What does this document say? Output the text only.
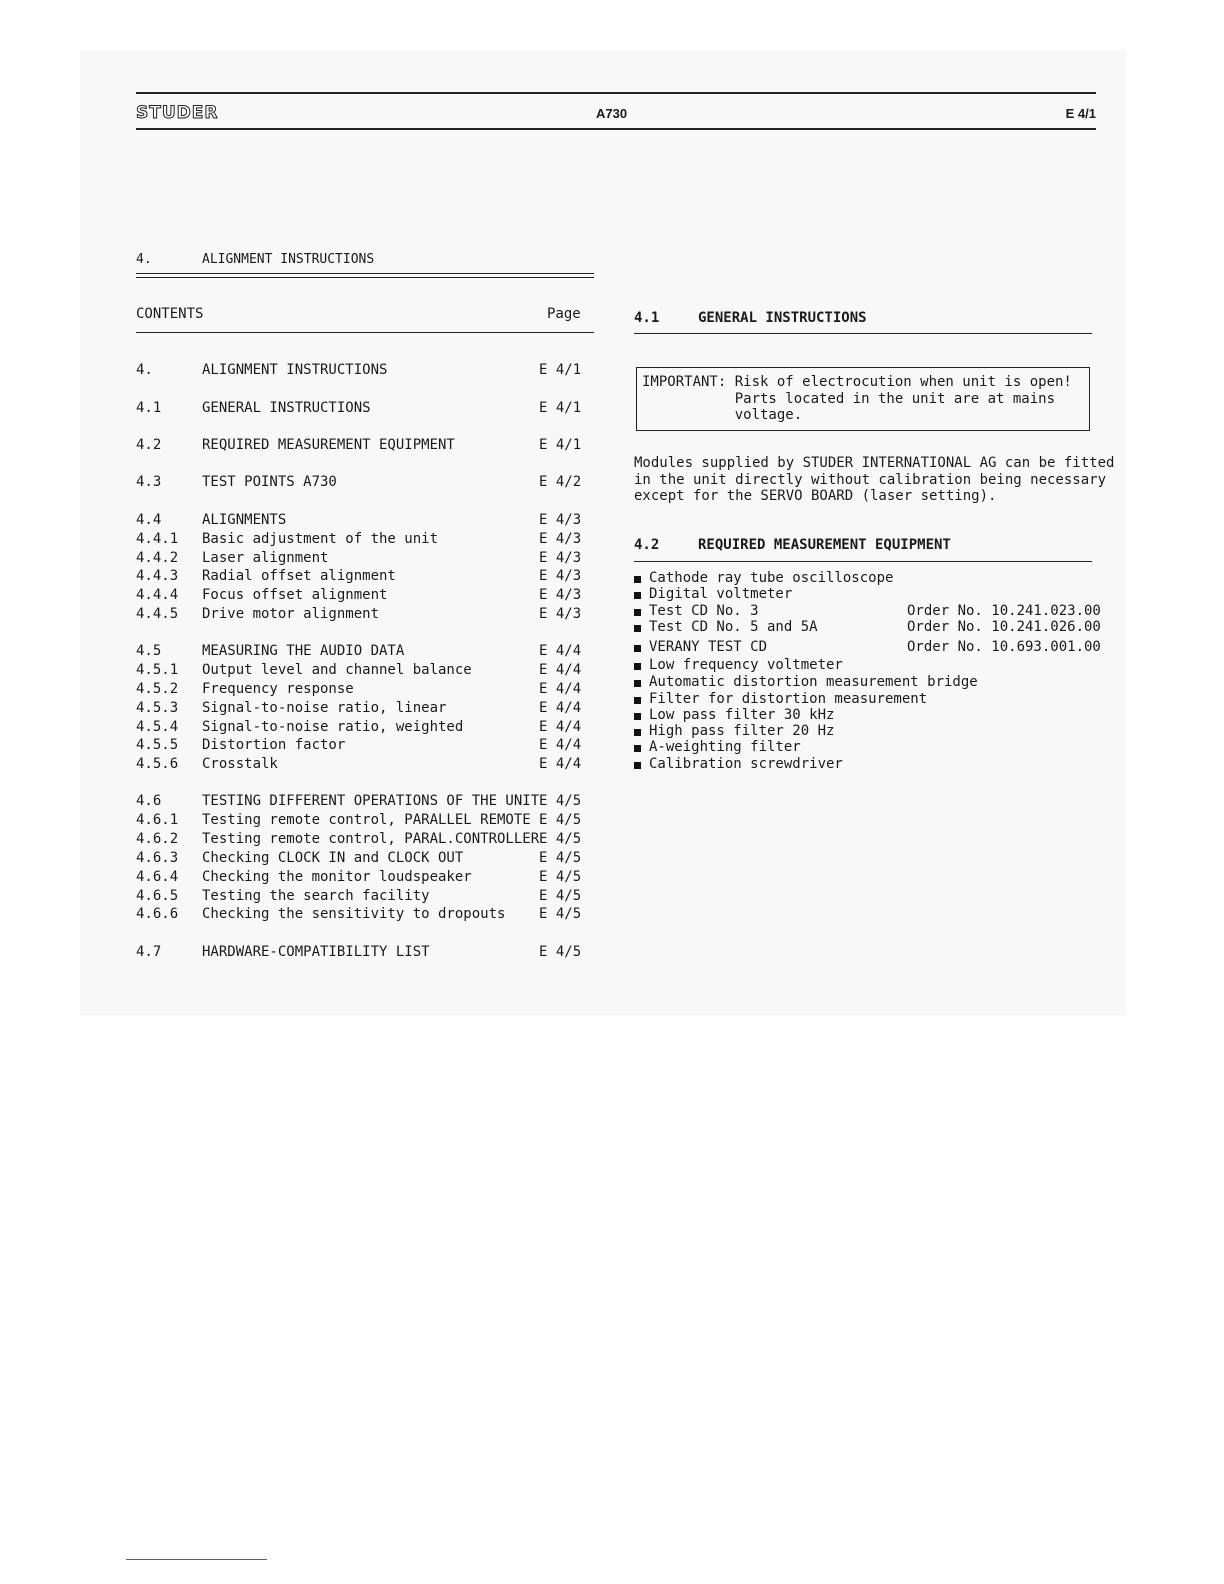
STUDER	A730	E 4/1
4.	ALIGNMENT INSTRUCTIONS
CONTENTS	Page
4.	ALIGNMENT INSTRUCTIONS	E 4/1
4.1	GENERAL INSTRUCTIONS	E 4/1
4.2	REQUIRED MEASUREMENT EQUIPMENT	E 4/1
4.3	TEST POINTS A730	E 4/2
4.4	ALIGNMENTS	E 4/3
4.4.1 Basic adjustment of the unit	E 4/3
4.4.2 Laser alignment	E 4/3
4.4.3 Radial offset alignment	E 4/3
4.4.4 Focus offset alignment	E 4/3
4.4.5 Drive motor alignment	E 4/3
4.5	MEASURING THE AUDIO DATA	E 4/4
4.5.1 Output level and channel balance	E 4/4
4.5.2 Frequency response	E 4/4
4.5.3 Signal-to-noise ratio, linear	E 4/4
4.5.4 Signal-to-noise ratio, weighted	E 4/4
4.5.5 Distortion factor	E 4/4
4.5.6 Crosstalk	E 4/4
4.6	TESTING DIFFERENT OPERATIONS OF THE UNIT E 4/5
4.6.1 Testing remote control, PARALLEL REMOTE E 4/5
4.6.2 Testing remote control, PARAL.CONTROLLER E 4/5
4.6.3 Checking CLOCK IN and CLOCK OUT	E 4/5
4.6.4 Checking the monitor loudspeaker	E 4/5
4.6.5 Testing the search facility	E 4/5
4.6.6 Checking the sensitivity to dropouts E 4/5
4.7	HARDWARE-COMPATIBILITY LIST	E 4/5
4.1	GENERAL INSTRUCTIONS
IMPORTANT: Risk of electrocution when unit is open!
Parts located in the unit are at mains
voltage.
Modules supplied by STUDER INTERNATIONAL AG can be fitted
in the unit directly without calibration being necessary
except for the SERVO BOARD (laser setting).
4.2	REQUIRED MEASUREMENT EQUIPMENT
Cathode ray tube oscilloscope
Digital voltmeter
Test CD No. 3	Order No. 10.241.023.00
Test CD No. 5 and 5A	Order No. 10.241.026.00
VERANY TEST CD	Order No. 10.693.001.00
Low frequency voltmeter
Automatic distortion measurement bridge
Filter for distortion measurement
Low pass filter 30 kHz
High pass filter 20 Hz
A-weighting filter
Calibration screwdriver
